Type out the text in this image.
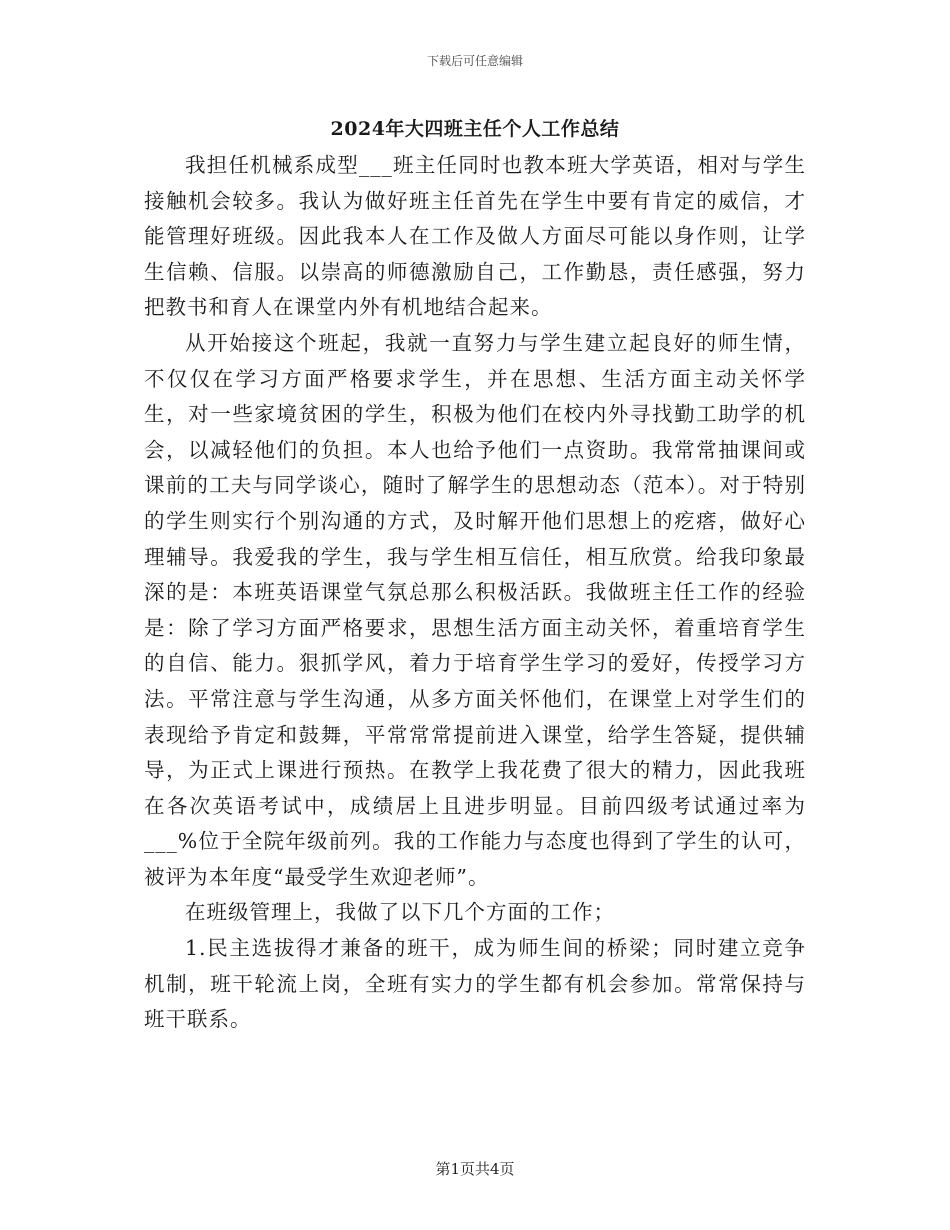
下载后可任意编辑
2024年大四班主任个人工作总结

我担任机械系成型___班主任同时也教本班大学英语，相对与学生接触机会较多。我认为做好班主任首先在学生中要有肯定的威信，才能管理好班级。因此我本人在工作及做人方面尽可能以身作则，让学生信赖、信服。以崇高的师德激励自己，工作勤恳，责任感强，努力把教书和育人在课堂内外有机地结合起来。

从开始接这个班起，我就一直努力与学生建立起良好的师生情，不仅仅在学习方面严格要求学生，并在思想、生活方面主动关怀学生，对一些家境贫困的学生，积极为他们在校内外寻找勤工助学的机会，以减轻他们的负担。本人也给予他们一点资助。我常常抽课间或课前的工夫与同学谈心，随时了解学生的思想动态（范本）。对于特别的学生则实行个别沟通的方式，及时解开他们思想上的疙瘩，做好心理辅导。我爱我的学生，我与学生相互信任，相互欣赏。给我印象最深的是：本班英语课堂气氛总那么积极活跃。我做班主任工作的经验是：除了学习方面严格要求，思想生活方面主动关怀，着重培育学生的自信、能力。狠抓学风，着力于培育学生学习的爱好，传授学习方法。平常注意与学生沟通，从多方面关怀他们，在课堂上对学生们的表现给予肯定和鼓舞，平常常常提前进入课堂，给学生答疑，提供辅导，为正式上课进行预热。在教学上我花费了很大的精力，因此我班在各次英语考试中，成绩居上且进步明显。目前四级考试通过率为___%位于全院年级前列。我的工作能力与态度也得到了学生的认可，被评为本年度“最受学生欢迎老师”。

在班级管理上，我做了以下几个方面的工作；

1.民主选拔得才兼备的班干，成为师生间的桥梁；同时建立竞争机制，班干轮流上岗，全班有实力的学生都有机会参加。常常保持与班干联系。

第1页共4页
